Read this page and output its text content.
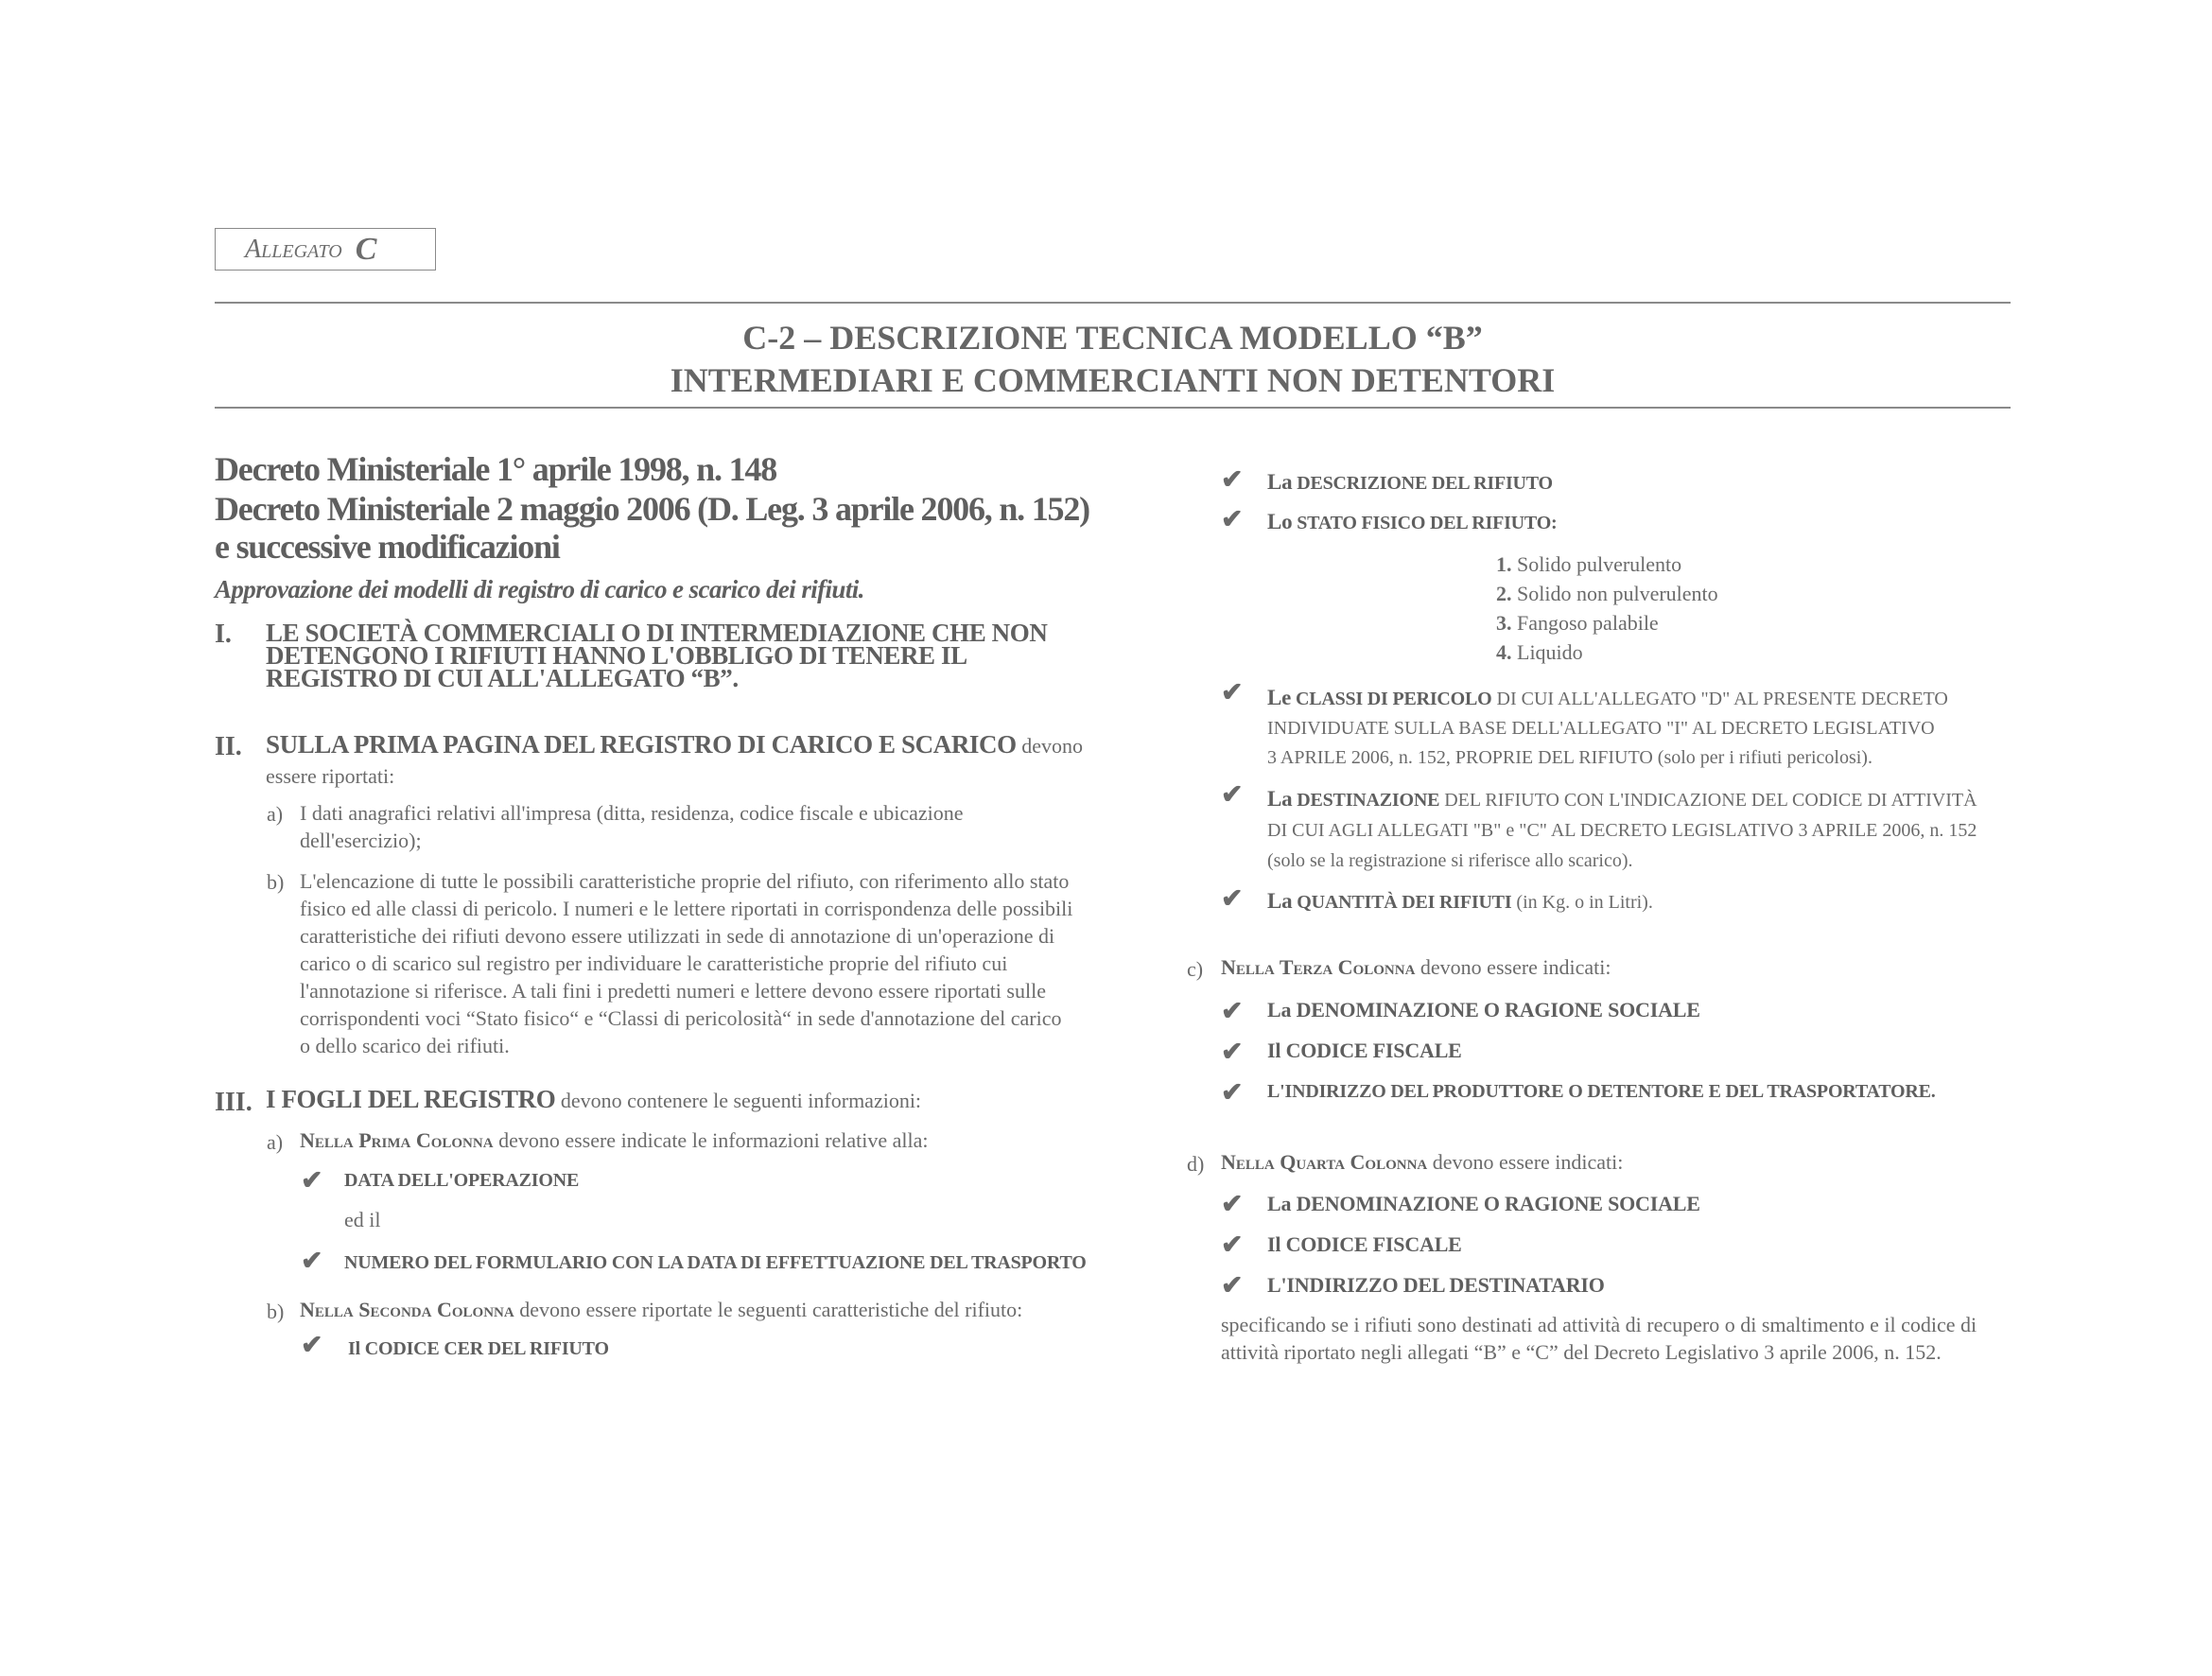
Allegato C
C-2 – DESCRIZIONE TECNICA MODELLO “B”
INTERMEDIARI E COMMERCIANTI NON DETENTORI
Decreto Ministeriale 1° aprile 1998, n. 148
Decreto Ministeriale 2 maggio 2006 (D. Leg. 3 aprile 2006, n. 152)
e successive modificazioni
Approvazione dei modelli di registro di carico e scarico dei rifiuti.
I. LE SOCIETÀ COMMERCIALI O DI INTERMEDIAZIONE CHE NON
DETENGONO I RIFIUTI HANNO L'OBBLIGO DI TENERE IL
REGISTRO DI CUI ALL'ALLEGATO “B”.
II. SULLA PRIMA PAGINA DEL REGISTRO DI CARICO E SCARICO devono
essere riportati:
a) I dati anagrafici relativi all'impresa (ditta, residenza, codice fiscale e ubicazione
dell'esercizio);
b) L'elencazione di tutte le possibili caratteristiche proprie del rifiuto, con riferimento allo stato
fisico ed alle classi di pericolo. I numeri e le lettere riportati in corrispondenza delle possibili
caratteristiche dei rifiuti devono essere utilizzati in sede di annotazione di un'operazione di
carico o di scarico sul registro per individuare le caratteristiche proprie del rifiuto cui
l'annotazione si riferisce. A tali fini i predetti numeri e lettere devono essere riportati sulle
corrispondenti voci “Stato fisico“ e “Classi di pericolosità“ in sede d'annotazione del carico
o dello scarico dei rifiuti.
III. I FOGLI DEL REGISTRO devono contenere le seguenti informazioni:
a) Nella Prima Colonna devono essere indicate le informazioni relative alla:
✔ DATA DELL'OPERAZIONE
ed il
✔ NUMERO DEL FORMULARIO CON LA DATA DI EFFETTUAZIONE DEL TRASPORTO
b) Nella Seconda Colonna devono essere riportate le seguenti caratteristiche del rifiuto:
✔ Il CODICE CER DEL RIFIUTO
✔ La DESCRIZIONE DEL RIFIUTO
✔ Lo STATO FISICO DEL RIFIUTO:
1. Solido pulverulento
2. Solido non pulverulento
3. Fangoso palabile
4. Liquido
✔ Le CLASSI DI PERICOLO DI CUI ALL'ALLEGATO "D" AL PRESENTE DECRETO
INDIVIDUATE SULLA BASE DELL'ALLEGATO "I" AL DECRETO LEGISLATIVO
3 APRILE 2006, n. 152, PROPRIE DEL RIFIUTO (solo per i rifiuti pericolosi).
✔ La DESTINAZIONE DEL RIFIUTO CON L'INDICAZIONE DEL CODICE DI ATTIVITÀ
DI CUI AGLI ALLEGATI "B" e "C" AL DECRETO LEGISLATIVO 3 APRILE 2006, n. 152
(solo se la registrazione si riferisce allo scarico).
✔ La QUANTITÀ DEI RIFIUTI (in Kg. o in Litri).
c) Nella Terza Colonna devono essere indicati:
✔ La DENOMINAZIONE O RAGIONE SOCIALE
✔ Il CODICE FISCALE
✔ L'INDIRIZZO DEL PRODUTTORE O DETENTORE E DEL TRASPORTATORE.
d) Nella Quarta Colonna devono essere indicati:
✔ La DENOMINAZIONE O RAGIONE SOCIALE
✔ Il CODICE FISCALE
✔ L'INDIRIZZO DEL DESTINATARIO
specificando se i rifiuti sono destinati ad attività di recupero o di smaltimento e il codice di
attività riportato negli allegati “B” e “C” del Decreto Legislativo 3 aprile 2006, n. 152.
